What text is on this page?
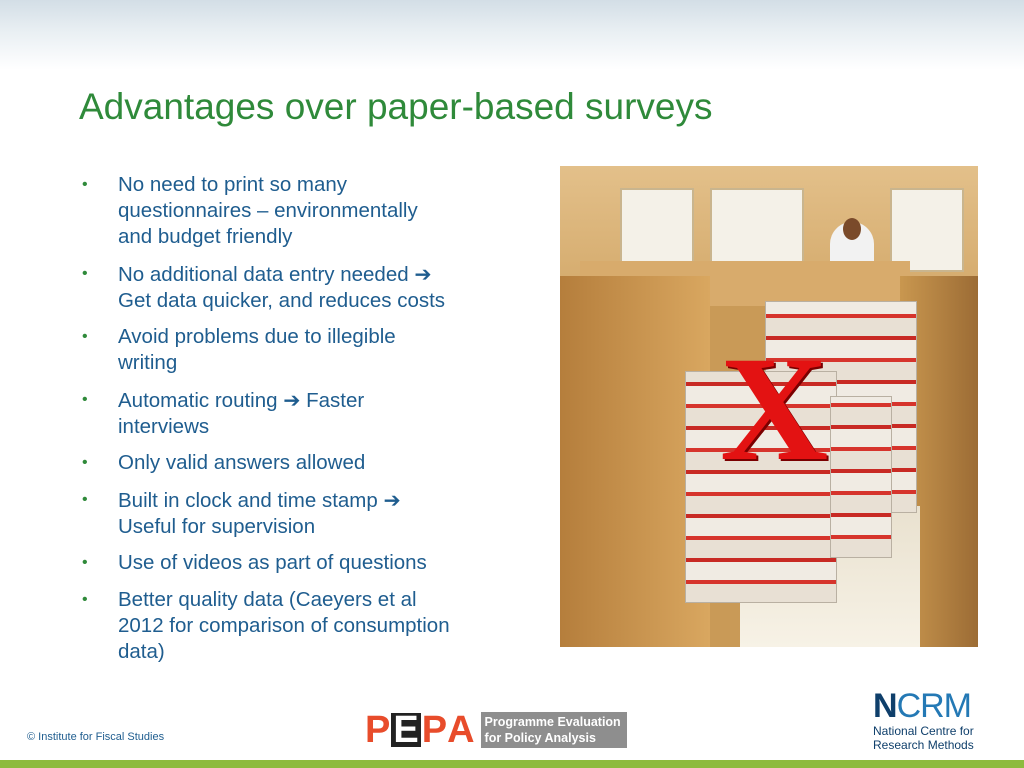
Advantages over paper-based surveys
• No need to print so many
questionnaires – environmentally
and budget friendly
• No additional data entry needed ➔
Get data quicker, and reduces costs
• Avoid problems due to illegible
writing
• Automatic routing ➔ Faster
interviews
• Only valid answers allowed
• Built in clock and time stamp ➔
Useful for supervision
• Use of videos as part of questions
• Better quality data (Caeyers et al
2012 for comparison of consumption
data)
X
© Institute for Fiscal Studies	P E P A Programme Evaluation
for Policy Analysis
NCRM
National Centre for
Research Methods
